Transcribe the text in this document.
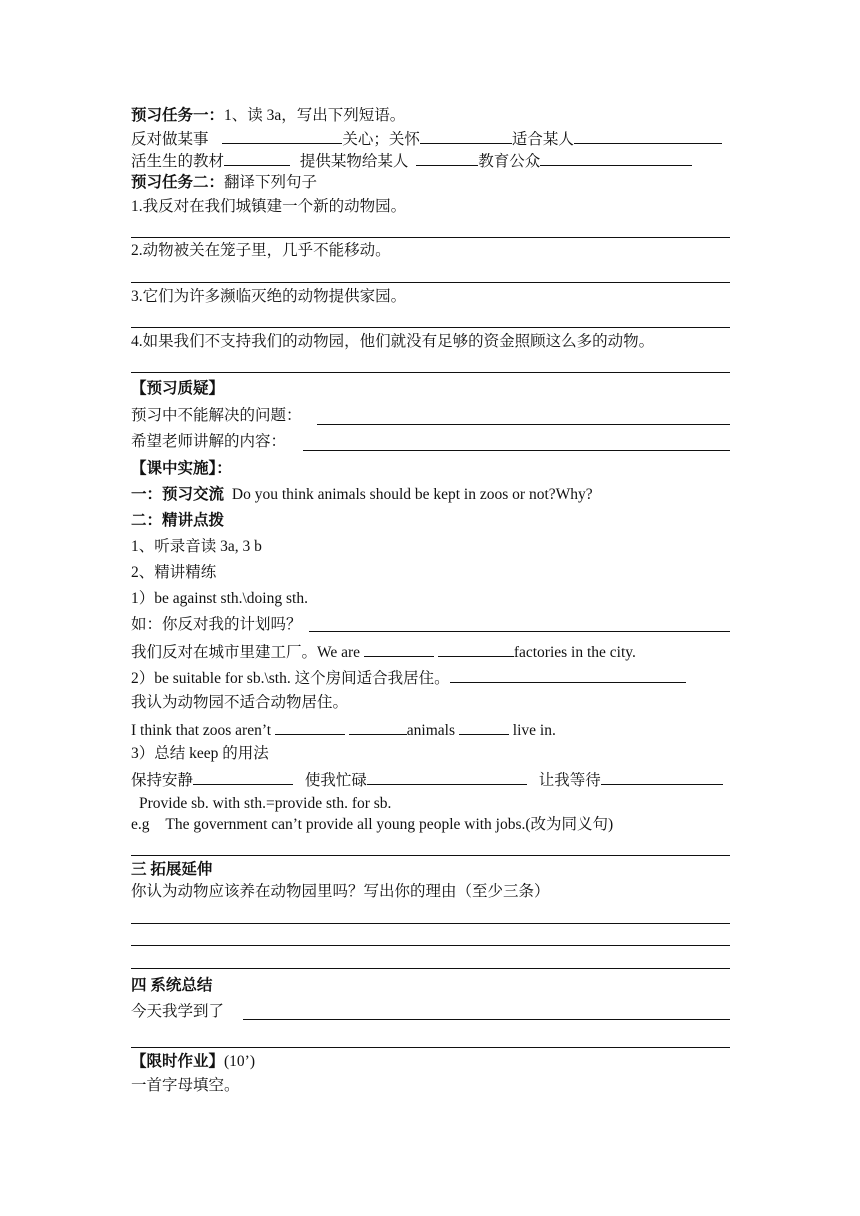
预习任务一：1、读 3a，写出下列短语。
反对做某事	关心；关怀	适合某人
活生生的教材	提供某物给某人	教育公众
预习任务二：翻译下列句子
1.我反对在我们城镇建一个新的动物园。
2.动物被关在笼子里，几乎不能移动。
3.它们为许多濒临灭绝的动物提供家园。
4.如果我们不支持我们的动物园，他们就没有足够的资金照顾这么多的动物。
【预习质疑】
预习中不能解决的问题：
希望老师讲解的内容：
【课中实施】：
一：预习交流 Do you think animals should be kept in zoos or not?Why?
二：精讲点拨
1、听录音读 3a, 3 b
2、精讲精练
1）be against sth.\doing sth.
如：你反对我的计划吗？
我们反对在城市里建工厂。We are	factories in the city.
2）be suitable for sb.\sth. 这个房间适合我居住。
我认为动物园不适合动物居住。
I think that zoos aren’t	animals	live in.
3）总结 keep 的用法
保持安静	使我忙碌	让我等待
Provide sb. with sth.=provide sth. for sb.
e.g The government can’t provide all young people with jobs.(改为同义句)
三 拓展延伸
你认为动物应该养在动物园里吗？写出你的理由（至少三条）
四 系统总结
今天我学到了
【限时作业】(10’)
一首字母填空。
